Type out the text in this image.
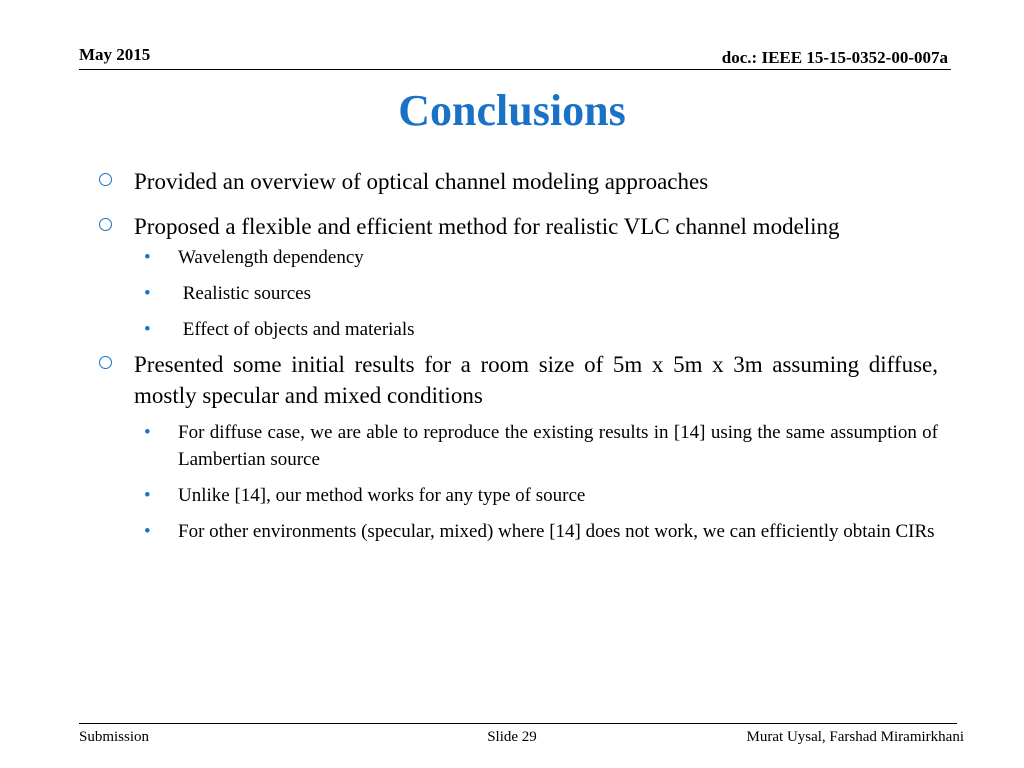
May 2015	doc.: IEEE 15-15-0352-00-007a
Conclusions
Provided an overview of optical channel modeling approaches
Proposed a flexible and efficient method for realistic VLC channel modeling
• Wavelength dependency
• Realistic sources
• Effect of objects and materials
Presented some initial results for a room size of 5m x 5m x 3m assuming diffuse, mostly specular and mixed conditions
• For diffuse case, we are able to reproduce the existing results in [14] using the same assumption of Lambertian source
• Unlike [14], our method works for any type of source
• For other environments (specular, mixed) where [14] does not work, we can efficiently obtain CIRs
Submission	Slide 29	Murat Uysal, Farshad Miramirkhani
